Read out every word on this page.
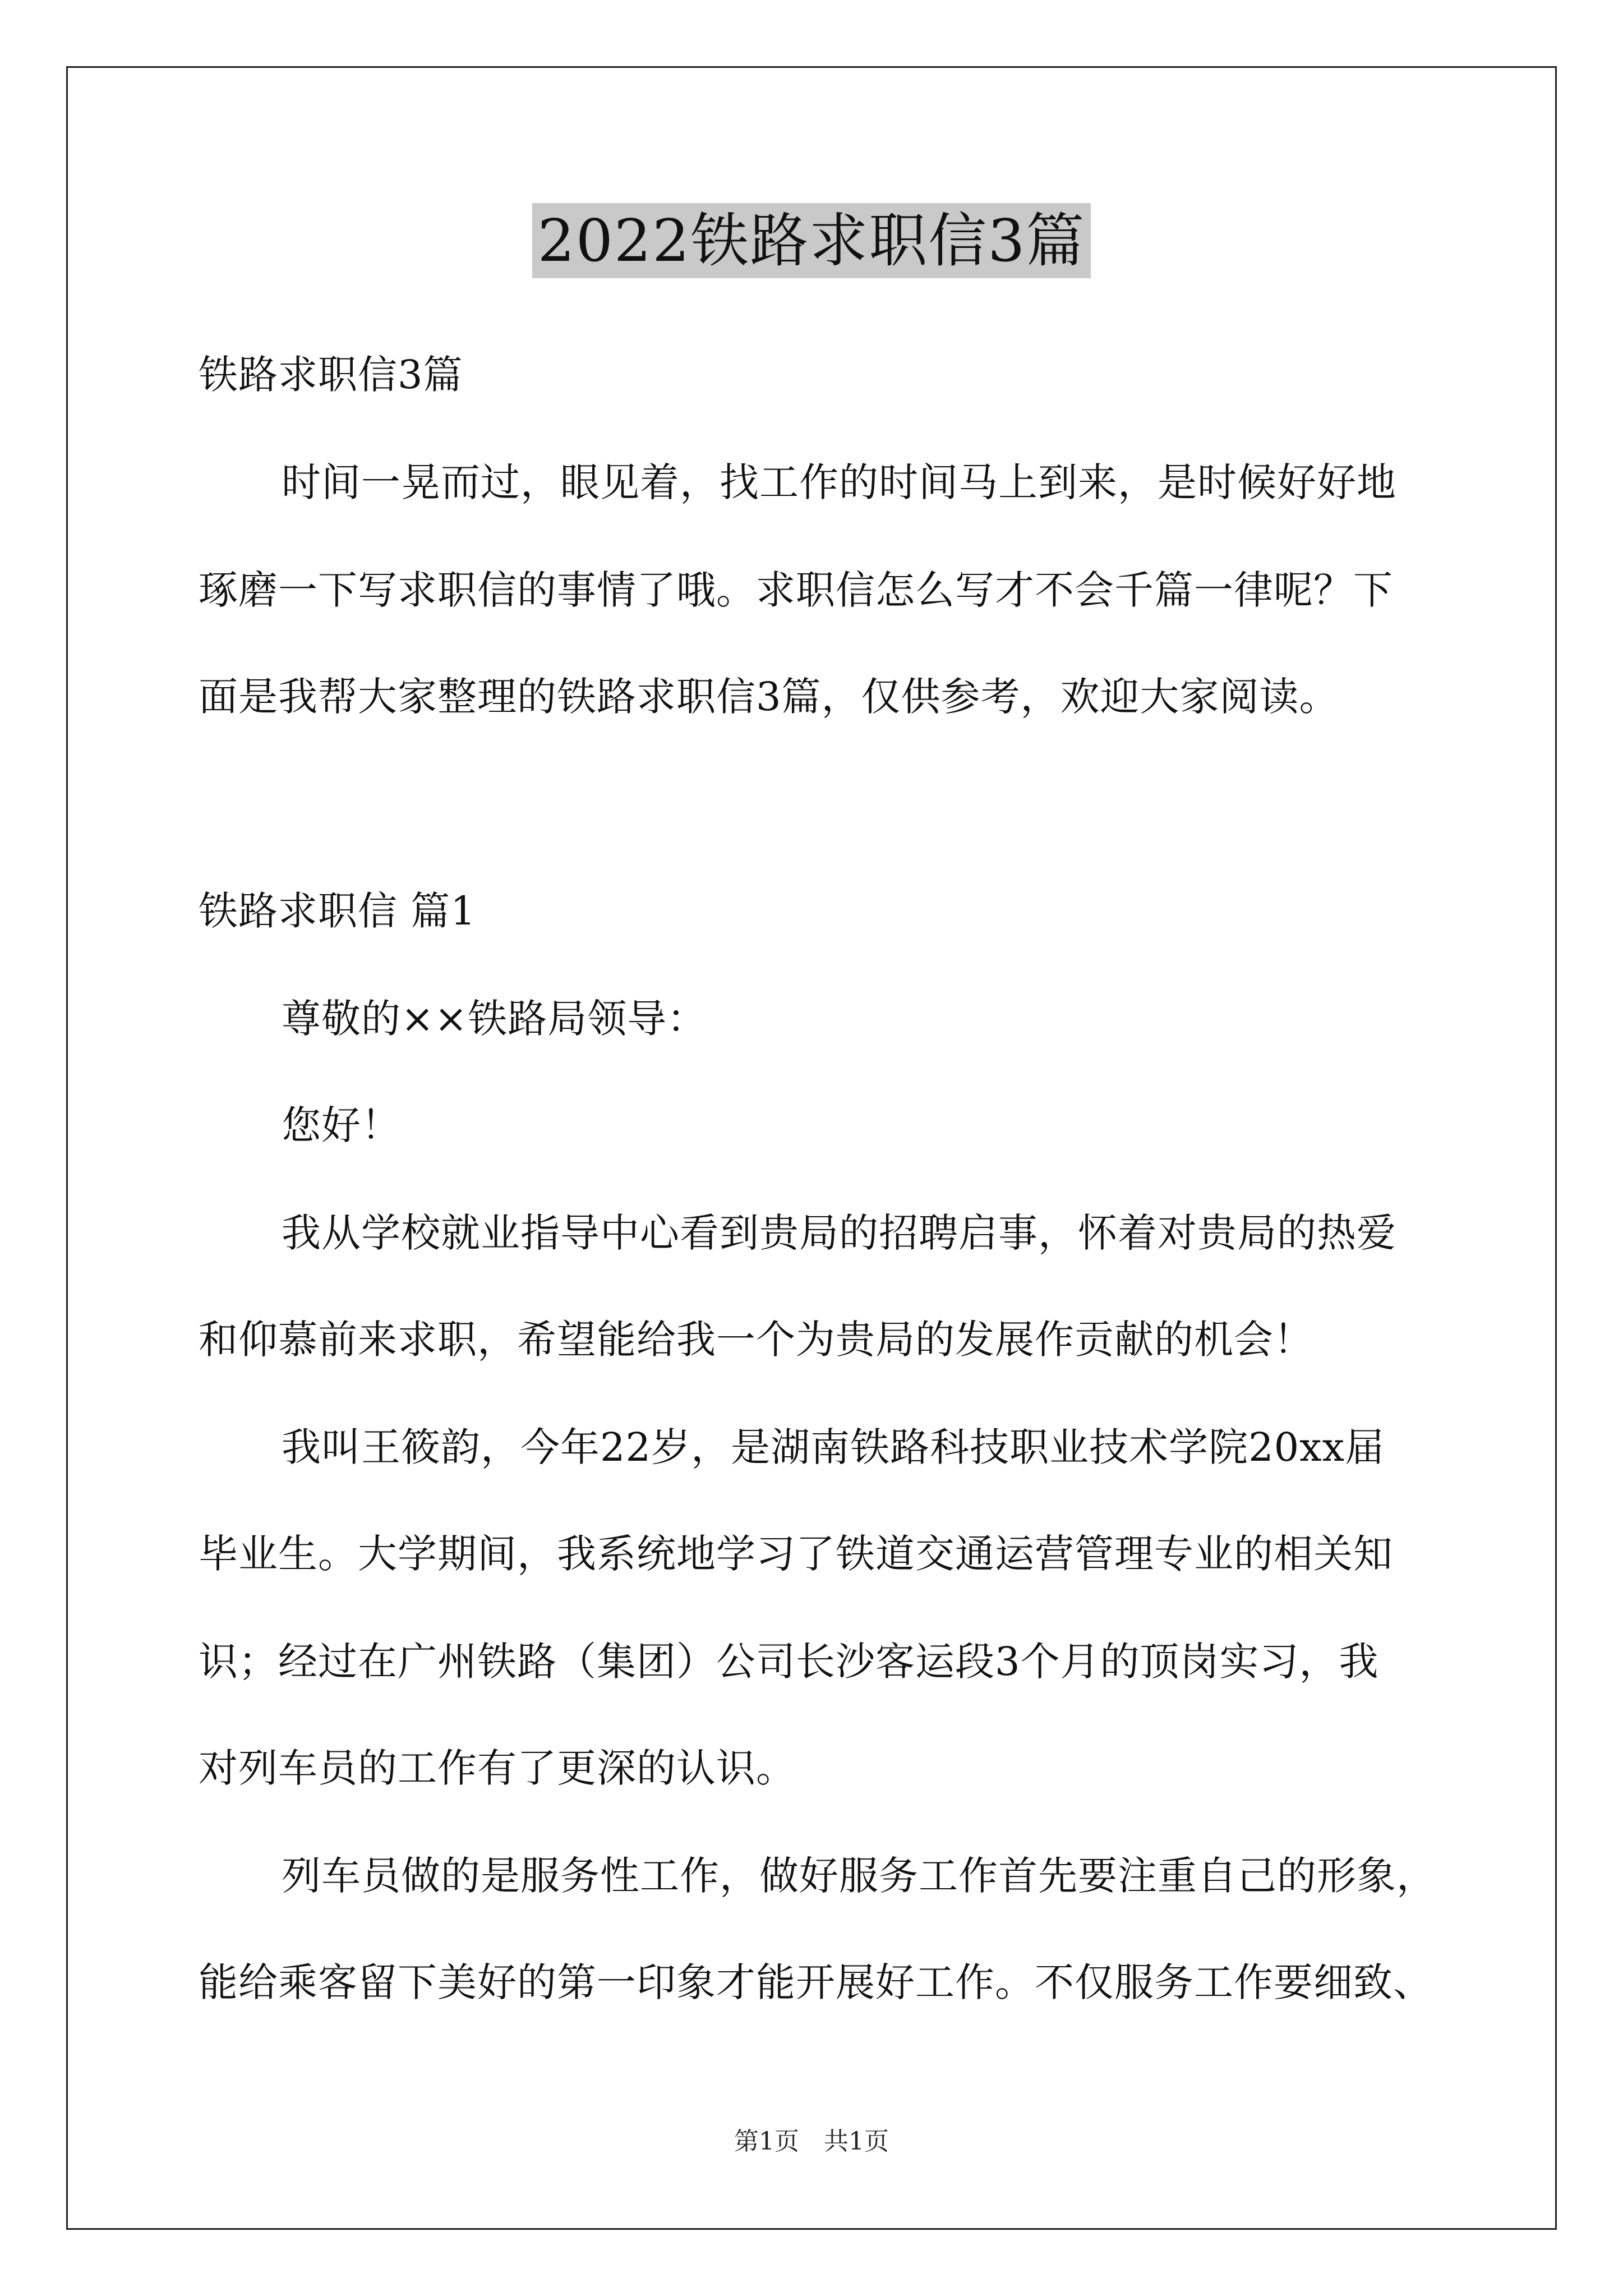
2022铁路求职信3篇
铁路求职信3篇
时间一晃而过，眼见着，找工作的时间马上到来，是时候好好地
琢磨一下写求职信的事情了哦。求职信怎么写才不会千篇一律呢？下
面是我帮大家整理的铁路求职信3篇，仅供参考，欢迎大家阅读。
铁路求职信 篇1
尊敬的××铁路局领导：
您好！
我从学校就业指导中心看到贵局的招聘启事，怀着对贵局的热爱
和仰慕前来求职，希望能给我一个为贵局的发展作贡献的机会！
我叫王筱韵，今年22岁，是湖南铁路科技职业技术学院20xx届
毕业生。大学期间，我系统地学习了铁道交通运营管理专业的相关知
识；经过在广州铁路（集团）公司长沙客运段3个月的顶岗实习，我
对列车员的工作有了更深的认识。
列车员做的是服务性工作，做好服务工作首先要注重自己的形象，
能给乘客留下美好的第一印象才能开展好工作。不仅服务工作要细致、
第1页　共1页
